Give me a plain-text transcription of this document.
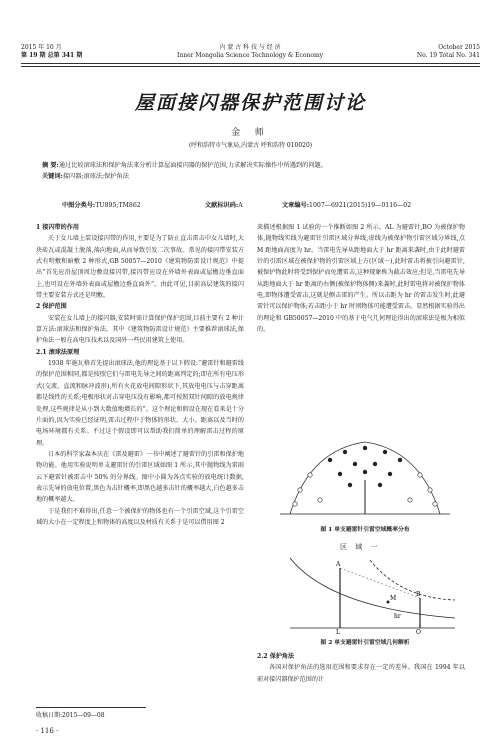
2015 年 10 月
第 19 期 总第 341 期
内 蒙 古 科 技 与 经 济
Inner Mongolia Science Technology & Economy
October 2015
No. 19 Total No. 341
屋面接闪器保护范围讨论
金 师
(呼和浩特市气象局,内蒙古 呼和浩特 010020)
摘 要:通过比较滚球法和保护角法来分析计算屋面接闪器的保护范围,力求解决实际操作中所遇到的问题。
关键词:接闪器;滚球法;保护角法
中图分类号:TU895;TM862	文献标识码:A	文章编号:1007—6921(2015)19—0116—02
1 接闪带的作用
关于女儿墙上装设接闪带的作用,主要是为了防止直击雷击中女儿墙时,大块砖瓦或混凝土脱落,落向地面,从而导致引发二次事故。常见的接闪带安装方式有明敷和暗敷 2 种形式,GB 50057—2010《建筑物防雷设计规范》中提出“首先应沿屋顶周边敷设接闪带,接闪带应设在外墙外表面或屋檐边垂直面上,也可设在外墙外表面或屋檐边垂直面外”。由此可见,目前高层建筑的接闪带主要安装方式还是明敷。
2 保护范围
安装在女儿墙上的接闪器,安装时需计算保护保护范围,目前主要有 2 种计算方法:滚球法和保护角法。其中《建筑物防雷设计规范》主要推荐滚球法,保护角法一般在高电压技术以及国外一些民用建筑上使用。
2.1 滚球法原理
1938 年施瓦格首先提出滚球法,他的理论基于以下假设:“避雷针和避雷线的保护范围相同,都是按照它们与雷电先导之间的距离判定的;即在所有电压形式(交流、直流和脉冲波形),所有火花放电间隙形状下,其放电电压与击穿距离都是线性的关系;电极形状对击穿电压没有影响,都可按照双针间隙的放电规律处理,这些规律是从小到大数值地增长的”。这个理论和假设在现在看来是十分片面的,因为实验已经证明,雷击过程中于物体的形状、大小、距离以及当时的电场环境都有关系。不过这个假设即可以帮助我们简单的理解雷击过程的原理。
日本的科学家森本庆在《雷及避雷》一书中阐述了避雷针的引雷和保护地物功能。他用实验说明单支避雷针的引雷区域如图 1 所示,其中抛物线为雷雨云下避雷针被雷击中 50% 的分界线。图中小圆为各点实验的放电统计数据,表示先导的放电位置,黑色为击针概率,即黑色越多击针的概率越大,白色越多击地的概率越大。
于是我们不难得出,任意一个被保护的物体也有一个引雷空域,这个引雷空域的大小在一定程度上和物体的高度以及材质有关系于是可以借用图 2
来描述根据图 1 试验的一个推断如图 2 所示。AL 为避雷针,BO 为被保护物体,抛物线实线为避雷针引雷区域分界线,虚线为被保护物引雷区域分界线,点 M 距地面高度为 hr。当雷电先导从距地面大于 hr 距离来袭时,由于此时避雷针的引雷区域在被保护物的引雷区域上方(区域一),此时雷击将被引向避雷针,被保护物此时将受到保护而免遭雷击,这种现象称为截击效应;但是,当雷电先导从距地面大于 hr 距离的右侧(被保护物体侧)来袭时,此时雷电将对被保护物体电,即物体遭受雷击,这就是侧击雷的产生。所以击距为 hr 的雷击发生时,此避雷针可以保护物体;若击距小于 hr 时则物体可能遭受雷击。显然根据实验得出的理论和 GB50057—2010 中的基于电气几何理论得出的滚球法是极为相似的。
图 1 单支避雷针引雷空域概率分布
L
A
B
O
M
hr
区 域 一
图 2 单支避雷针引雷空域几何解析
2.2 保护角法
各国对保护角法的选用范围和要求存在一定的差异。我国在 1994 年以前对接闪器保护范围的计
收稿日期:2015—09—08
· 116 ·
